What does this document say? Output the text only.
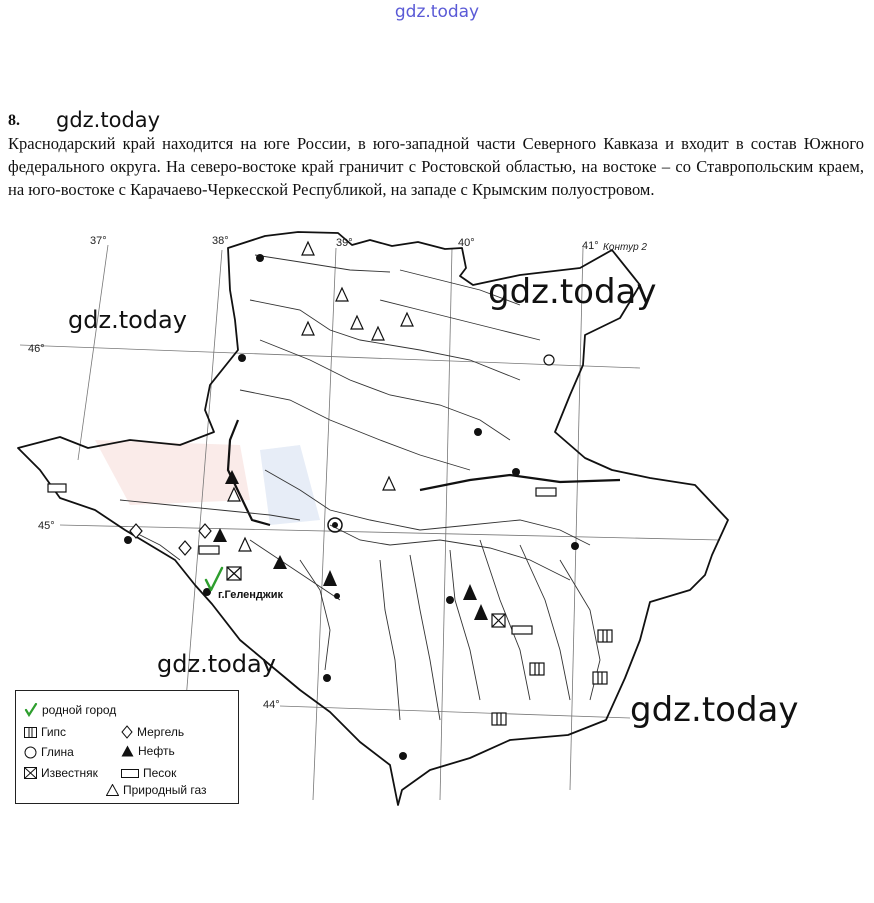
gdz.today
8. gdz.today
Краснодарский край находится на юге России, в юго-западной части Северного Кавказа и входит в состав Южного федерального округа. На северо-востоке край граничит с Ростовской областью, на востоке – со Ставропольским краем, на юго-востоке с Карачаево-Черкесской Республикой, на западе с Крымским полуостровом.
37°	38°	39°	40°	41° Контур 2
46°
45°
44°
г.Геленджик
gdz.today
gdz.today
gdz.today
gdz.today
родной город
Гипс	Мергель
Глина	Нефть
Известняк	Песок
Природный газ
